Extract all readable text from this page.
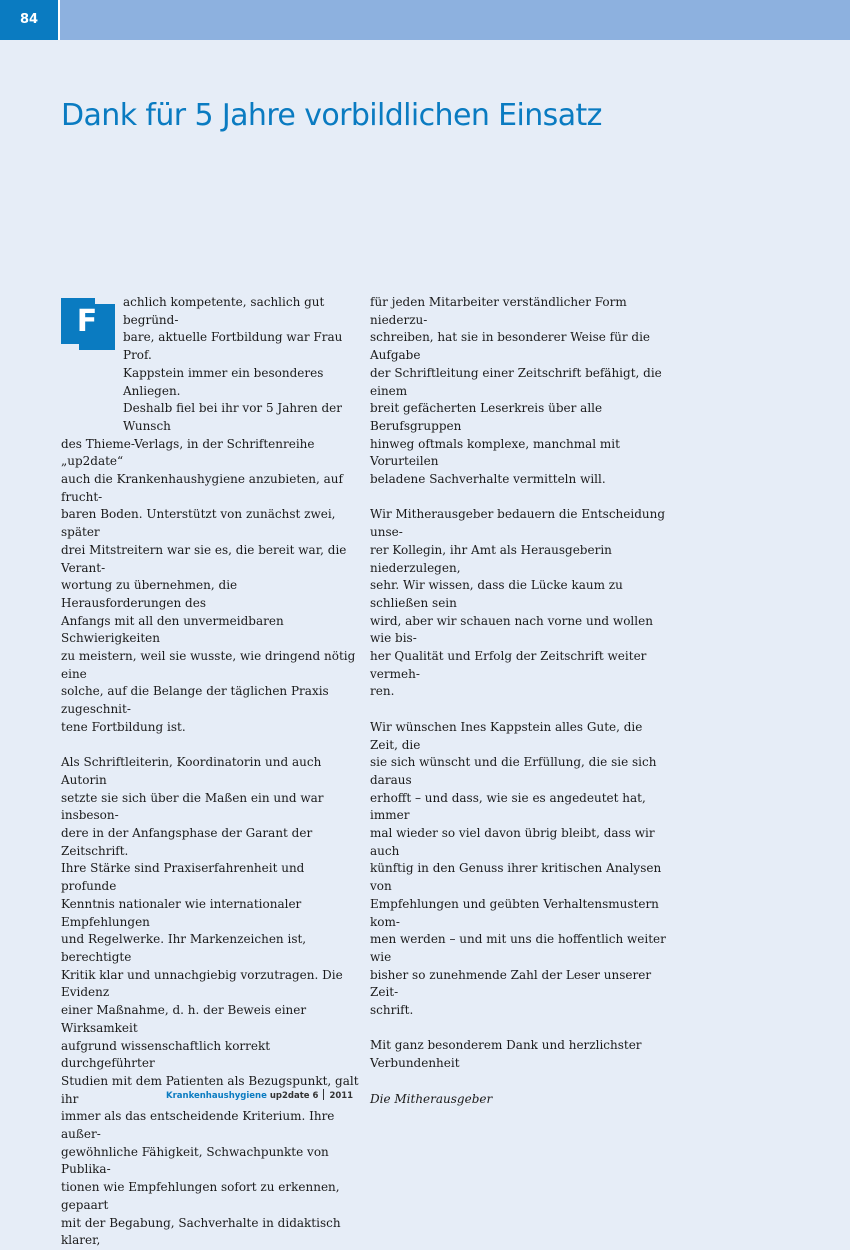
84
Dank für 5 Jahre vorbildlichen Einsatz
F

achlich kompetente, sachlich gut begründ-

bare, aktuelle Fortbildung war Frau Prof.

Kappstein immer ein besonderes Anliegen.

Deshalb fiel bei ihr vor 5 Jahren der Wunsch

des Thieme-Verlags, in der Schriftenreihe „up2date“

auch die Krankenhaushygiene anzubieten, auf frucht-

baren Boden. Unterstützt von zunächst zwei, später

drei Mitstreitern war sie es, die bereit war, die Verant-

wortung zu übernehmen, die Herausforderungen des

Anfangs mit all den unvermeidbaren Schwierigkeiten

zu meistern, weil sie wusste, wie dringend nötig eine

solche, auf die Belange der täglichen Praxis zugeschnit-

tene Fortbildung ist.

Als Schriftleiterin, Koordinatorin und auch Autorin

setzte sie sich über die Maßen ein und war insbeson-

dere in der Anfangsphase der Garant der Zeitschrift.

Ihre Stärke sind Praxiserfahrenheit und profunde

Kenntnis nationaler wie internationaler Empfehlungen

und Regelwerke. Ihr Markenzeichen ist, berechtigte

Kritik klar und unnachgiebig vorzutragen. Die Evidenz

einer Maßnahme, d. h. der Beweis einer Wirksamkeit

aufgrund wissenschaftlich korrekt durchgeführter

Studien mit dem Patienten als Bezugspunkt, galt ihr

immer als das entscheidende Kriterium. Ihre außer-

gewöhnliche Fähigkeit, Schwachpunkte von Publika-

tionen wie Empfehlungen sofort zu erkennen, gepaart

mit der Begabung, Sachverhalte in didaktisch klarer,

für jeden Mitarbeiter verständlicher Form niederzu-

schreiben, hat sie in besonderer Weise für die Aufgabe

der Schriftleitung einer Zeitschrift befähigt, die einem

breit gefächerten Leserkreis über alle Berufsgruppen

hinweg oftmals komplexe, manchmal mit Vorurteilen

beladene Sachverhalte vermitteln will.

Wir Mitherausgeber bedauern die Entscheidung unse-

rer Kollegin, ihr Amt als Herausgeberin niederzulegen,

sehr. Wir wissen, dass die Lücke kaum zu schließen sein

wird, aber wir schauen nach vorne und wollen wie bis-

her Qualität und Erfolg der Zeitschrift weiter vermeh-

ren.

Wir wünschen Ines Kappstein alles Gute, die Zeit, die

sie sich wünscht und die Erfüllung, die sie sich daraus

erhofft – und dass, wie sie es angedeutet hat, immer

mal wieder so viel davon übrig bleibt, dass wir auch

künftig in den Genuss ihrer kritischen Analysen von

Empfehlungen und geübten Verhaltensmustern kom-

men werden – und mit uns die hoffentlich weiter wie

bisher so zunehmende Zahl der Leser unserer Zeit-

schrift.

Mit ganz besonderem Dank und herzlichster

Verbundenheit

Die Mitherausgeber

Krankenhaushygiene up2date 6 2011
